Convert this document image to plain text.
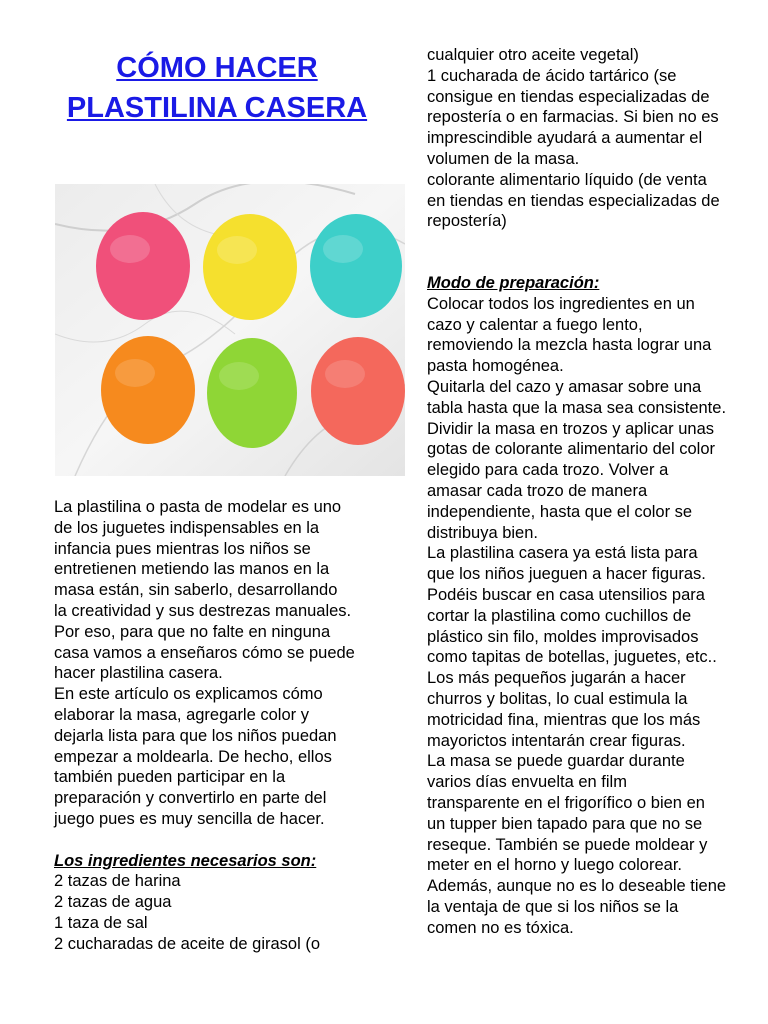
CÓMO HACER
PLASTILINA CASERA
La plastilina o pasta de modelar es uno
de los juguetes indispensables en la
infancia pues mientras los niños se
entretienen metiendo las manos en la
masa están, sin saberlo, desarrollando
la creatividad y sus destrezas manuales.
Por eso, para que no falte en ninguna
casa vamos a enseñaros cómo se puede
hacer plastilina casera.
En este artículo os explicamos cómo
elaborar la masa, agregarle color y
dejarla lista para que los niños puedan
empezar a moldearla. De hecho, ellos
también pueden participar en la
preparación y convertirlo en parte del
juego pues es muy sencilla de hacer.
Los ingredientes necesarios son:
2 tazas de harina
2 tazas de agua
1 taza de sal
2 cucharadas de aceite de girasol (o
cualquier otro aceite vegetal)
1 cucharada de ácido tartárico (se
consigue en tiendas especializadas de
repostería o en farmacias. Si bien no es
imprescindible ayudará a aumentar el
volumen de la masa.
colorante alimentario líquido (de venta
en tiendas en tiendas especializadas de
repostería)
Modo de preparación:
Colocar todos los ingredientes en un
cazo y calentar a fuego lento,
removiendo la mezcla hasta lograr una
pasta homogénea.
Quitarla del cazo y amasar sobre una
tabla hasta que la masa sea consistente.
Dividir la masa en trozos y aplicar unas
gotas de colorante alimentario del color
elegido para cada trozo. Volver a
amasar cada trozo de manera
independiente, hasta que el color se
distribuya bien.
La plastilina casera ya está lista para
que los niños jueguen a hacer figuras.
Podéis buscar en casa utensilios para
cortar la plastilina como cuchillos de
plástico sin filo, moldes improvisados
como tapitas de botellas, juguetes, etc..
Los más pequeños jugarán a hacer
churros y bolitas, lo cual estimula la
motricidad fina, mientras que los más
mayorictos intentarán crear figuras.
La masa se puede guardar durante
varios días envuelta en film
transparente en el frigorífico o bien en
un tupper bien tapado para que no se
reseque. También se puede moldear y
meter en el horno y luego colorear.
Además, aunque no es lo deseable tiene
la ventaja de que si los niños se la
comen no es tóxica.
